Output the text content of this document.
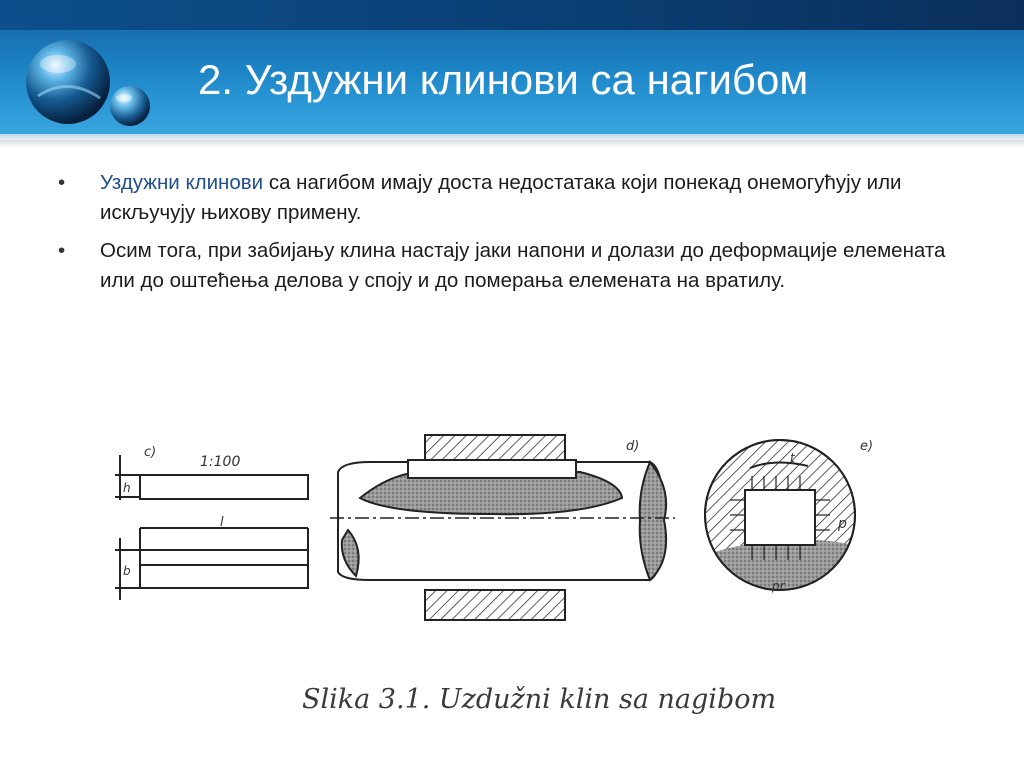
2. Уздужни клинови са нагибом
•	Уздужни клинови са нагибом имају доста недостатака који понекад онемогућују или искључују њихову примену.
•	Осим тога, при забијању клина настају јаки напони и долази до деформације елемената или до оштећења делова у споју и до померања елемената на вратилу.
c)
1:100
h
l
b
d)	e)
p
pr
t
Slika 3.1. Uzdužni klin sa nagibom
